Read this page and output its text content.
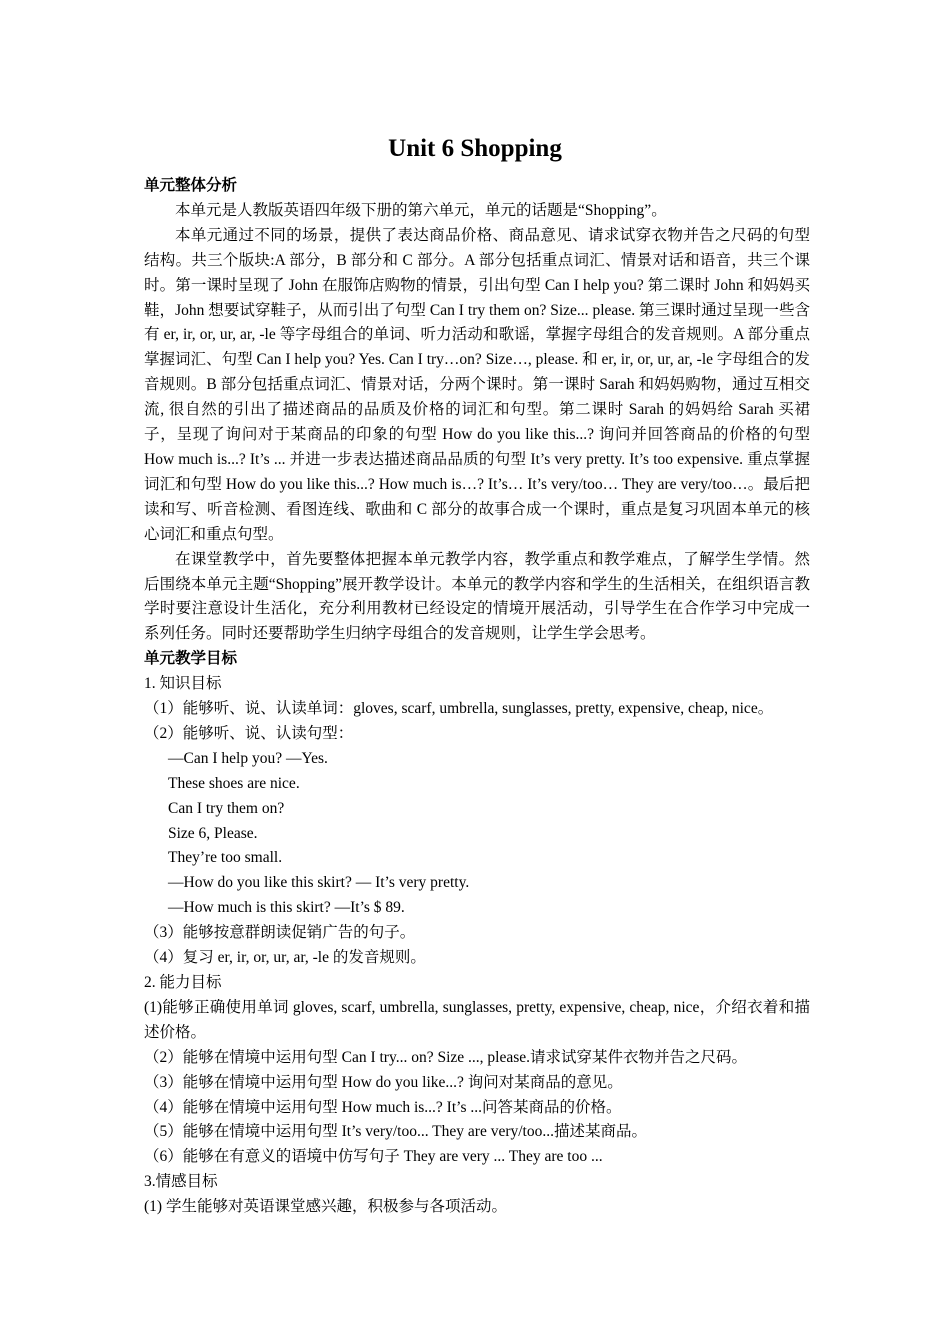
Unit 6 Shopping

单元整体分析

本单元是人教版英语四年级下册的第六单元，单元的话题是“Shopping”。

本单元通过不同的场景，提供了表达商品价格、商品意见、请求试穿衣物并告之尺码的句型结构。共三个版块:A 部分，B 部分和 C 部分。A 部分包括重点词汇、情景对话和语音，共三个课时。第一课时呈现了 John 在服饰店购物的情景，引出句型 Can I help you? 第二课时 John 和妈妈买鞋，John 想要试穿鞋子，从而引出了句型 Can I try them on? Size... please. 第三课时通过呈现一些含有 er, ir, or, ur, ar, -le 等字母组合的单词、听力活动和歌谣，掌握字母组合的发音规则。A 部分重点掌握词汇、句型 Can I help you? Yes. Can I try…on? Size…, please. 和 er, ir, or, ur, ar, -le 字母组合的发音规则。B 部分包括重点词汇、情景对话，分两个课时。第一课时 Sarah 和妈妈购物，通过互相交流, 很自然的引出了描述商品的品质及价格的词汇和句型。第二课时 Sarah 的妈妈给 Sarah 买裙子，呈现了询问对于某商品的印象的句型 How do you like this...? 询问并回答商品的价格的句型 How much is...? It’s ... 并进一步表达描述商品品质的句型 It’s very pretty. It’s too expensive. 重点掌握词汇和句型 How do you like this...? How much is…? It’s… It’s very/too… They are very/too…。最后把读和写、听音检测、看图连线、歌曲和 C 部分的故事合成一个课时，重点是复习巩固本单元的核心词汇和重点句型。

在课堂教学中，首先要整体把握本单元教学内容，教学重点和教学难点，了解学生学情。然后围绕本单元主题“Shopping”展开教学设计。本单元的教学内容和学生的生活相关，在组织语言教学时要注意设计生活化，充分利用教材已经设定的情境开展活动，引导学生在合作学习中完成一系列任务。同时还要帮助学生归纳字母组合的发音规则，让学生学会思考。

单元教学目标

1. 知识目标

（1）能够听、说、认读单词：gloves, scarf, umbrella, sunglasses, pretty, expensive, cheap, nice。

（2）能够听、说、认读句型：

—Can I help you? —Yes.

These shoes are nice.

Can I try them on?

Size 6, Please.

They’re too small.

—How do you like this skirt? — It’s very pretty.

—How much is this skirt? —It’s $ 89.

（3）能够按意群朗读促销广告的句子。

（4）复习 er, ir, or, ur, ar, -le 的发音规则。

2. 能力目标

(1)能够正确使用单词 gloves, scarf, umbrella, sunglasses, pretty, expensive, cheap, nice，介绍衣着和描述价格。

（2）能够在情境中运用句型 Can I try... on? Size ..., please.请求试穿某件衣物并告之尺码。

（3）能够在情境中运用句型 How do you like...? 询问对某商品的意见。

（4）能够在情境中运用句型 How much is...? It’s ...问答某商品的价格。

（5）能够在情境中运用句型 It’s very/too... They are very/too...描述某商品。

（6）能够在有意义的语境中仿写句子 They are very ... They are too ...

3.情感目标

(1) 学生能够对英语课堂感兴趣，积极参与各项活动。
